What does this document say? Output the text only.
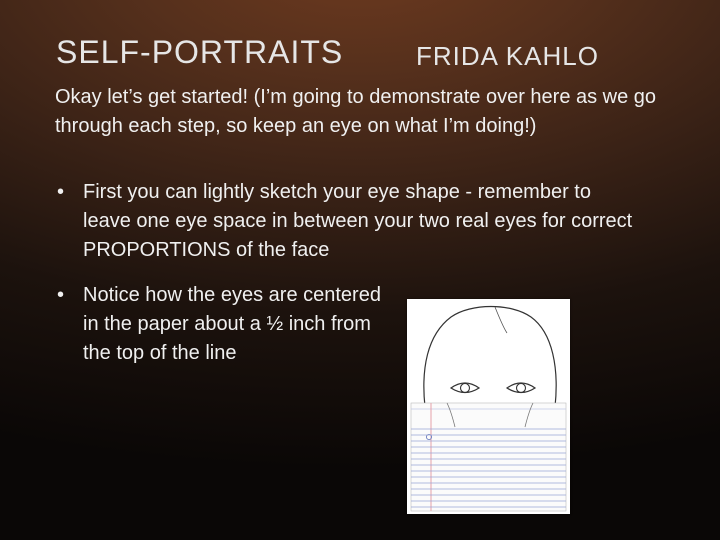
SELF-PORTRAITS	FRIDA KAHLO

Okay let’s get started! (I’m going to demonstrate over here as we go through each step, so keep an eye on what I’m doing!)

• First you can lightly sketch your eye shape - remember to leave one eye space in between your two real eyes for correct PROPORTIONS of the face
• Notice how the eyes are centered in the paper about a ½ inch from the top of the line
